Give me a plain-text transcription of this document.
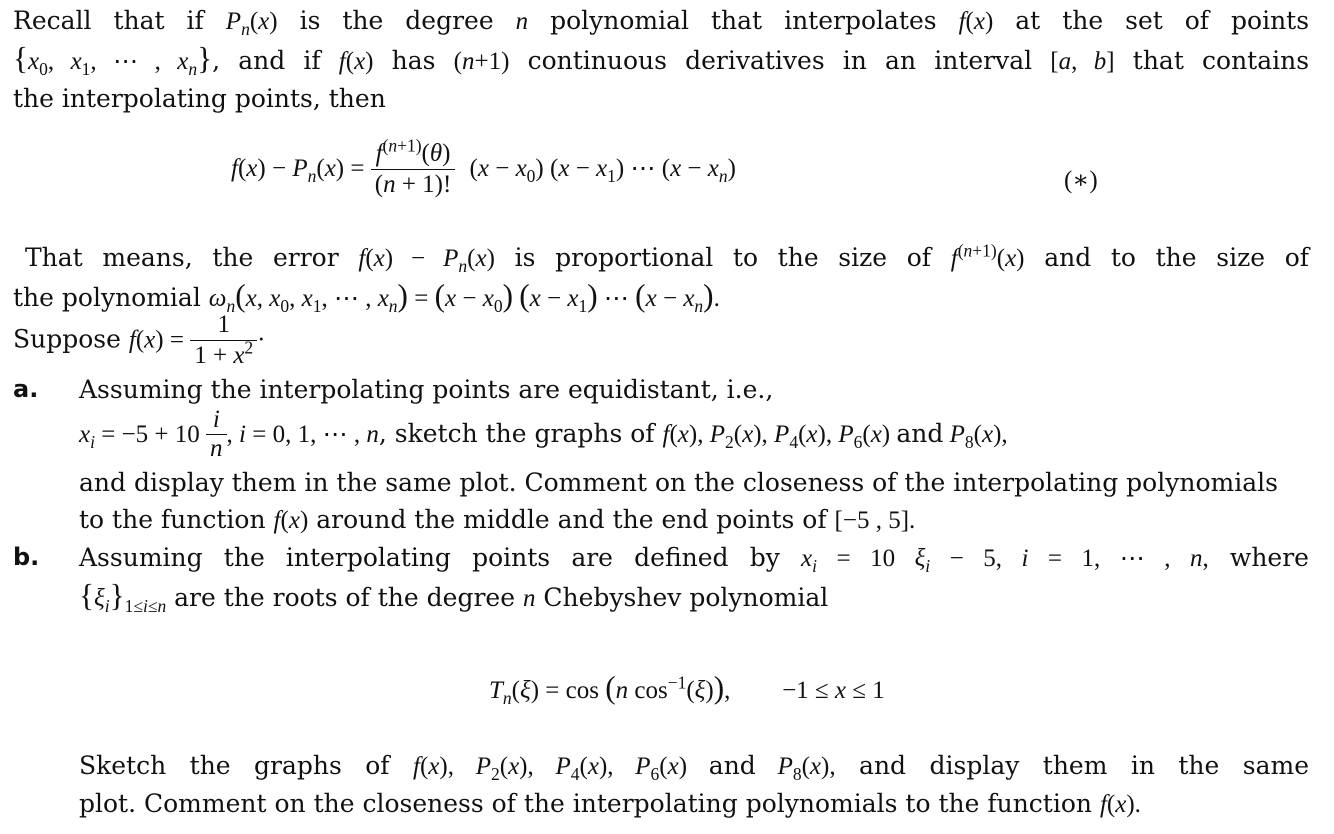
Recall that if $P_n(x)$ is the degree n polynomial that interpolates f(x) at the set of points

{$x_0$, $x_1$, ⋯ , $x_n$}, and if f(x) has (n+1) continuous derivatives in an interval [a, b] that contains

the interpolating points, then

$f(x) - P_n(x) = \frac{f^{(n+1)}(\theta)}{(n + 1)!} (x - x_0) (x - x_1)$ ⋯ $(x - x_n)$	(∗)

That means, the error $f(x) - P_n(x)$ is proportional to the size of $f^{(n+1)}(x)$ and to the size of

the polynomial $\omega_n(x$, $x_0$, $x_1$, ⋯ , $x_n) = (x - x_0)$ $(x - x_1)$ ⋯ $(x - x_n)$.

Suppose $f(x) = \frac{1}{1 + x^2}$ ·

a. Assuming the interpolating points are equidistant, i.e.,

$x_i = -5 + 10 \frac{i}{n}$ , i = 0, 1, ⋯ , n, sketch the graphs of f(x), $P_2(x)$, $P_4(x)$, $P_6(x)$ and $P_8(x)$,

and display them in the same plot. Comment on the closeness of the interpolating polynomials

to the function f(x) around the middle and the end points of [−5 , 5].

b. Assuming the interpolating points are defined by $x_i = 10$ $\xi_i - 5$, i = 1, ⋯ , n, where

$\{\xi_i\}_{1\le i\le n}$ are the roots of the degree n Chebyshev polynomial

$T_n(\xi) = \cos (n$ $\cos^{-1}(\xi)$),        −1 ≤ x ≤ 1

Sketch the graphs of f(x), $P_2(x)$, $P_4(x)$, $P_6(x)$ and $P_8(x)$, and display them in the same

plot. Comment on the closeness of the interpolating polynomials to the function f(x).
